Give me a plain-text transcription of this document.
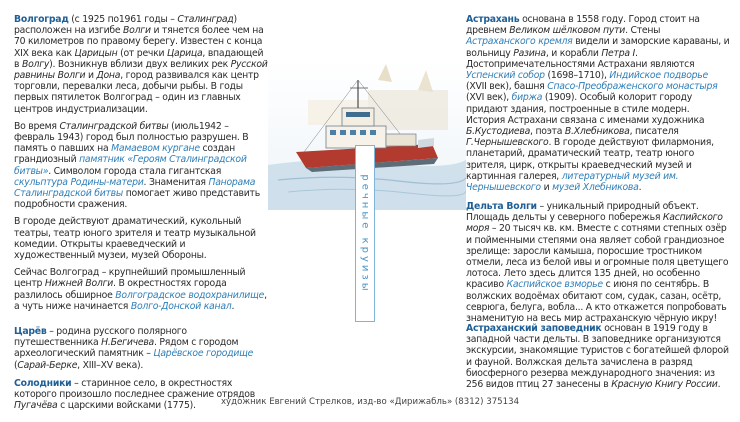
Волгоград (с 1925 по1961 годы – Сталинград) расположен на изгибе Волги и тянется более чем на 70 километров по правому берегу. Известен с конца XIX века как Царицын (от речки Царица, впадающей в Волгу). Возникнув вблизи двух великих рек Русской равнины Волги и Дона, город развивался как центр торговли, перевалки леса, добычи рыбы. В годы первых пятилеток Волгоград – один из главных центров индустриализации.

Во время Сталинградской битвы (июль1942 – февраль 1943) город был полностью разрушен. В память о павших на Мамаевом кургане создан грандиозный памятник «Героям Сталинградской битвы». Символом города стала гигантская скульптура Родины-матери. Знаменитая Панорама Сталинградской битвы помогает живо представить подробности сражения.

В городе действуют драматический, кукольный театры, театр юного зрителя и театр музыкальной комедии. Открыты краеведческий и художественный музеи, музей Обороны.

Сейчас Волгоград – крупнейший промышленный центр Нижней Волги. В окрестностях города разлилось обширное Волгоградское водохранилище, а чуть ниже начинается Волго-Донской канал.

Царёв – родина русского полярного путешественника Н.Бегичева. Рядом с городом археологический памятник – Царёвское городище (Сарай-Берке, XIII–XV века).

Солодники – старинное село, в окрестностях которого произошло последнее сражение отрядов Пугачёва с царскими войсками (1775).

речные круизы

Астрахань основана в 1558 году. Город стоит на древнем Великом шёлковом пути. Стены Астраханского кремля видели и заморские караваны, и вольницу Разина, и корабли Петра I. Достопримечательностями Астрахани являются Успенский собор (1698–1710), Индийское подворье (XVII век), башня Спасо-Преображенского монастыря (XVI век), биржа (1909). Особый колорит городу придают здания, построенные в стиле модерн. История Астрахани связана с именами художника Б.Кустодиева, поэта В.Хлебникова, писателя Г.Чернышевского. В городе действуют филармония, планетарий, драматический театр, театр юного зрителя, цирк, открыты краеведческий музей и картинная галерея, литературный музей им. Чернышевского и музей Хлебникова.

Дельта Волги – уникальный природный объект. Площадь дельты у северного побережья Каспийского моря – 20 тысяч кв. км. Вместе с сотнями степных озёр и пойменными степями она являет собой грандиозное зрелище: заросли камыша, поросшие тростником отмели, леса из белой ивы и огромные поля цветущего лотоса. Лето здесь длится 135 дней, но особенно красиво Каспийское взморье с июня по сентябрь. В волжских водоёмах обитают сом, судак, сазан, осётр, севрюга, белуга, вобла... А кто откажется попробовать знаменитую на весь мир астраханскую чёрную икру!

Астраханский заповедник основан в 1919 году в западной части дельты. В заповеднике организуются экскурсии, знакомящие туристов с богатейшей флорой и фауной. Волжская дельта зачислена в разряд биосферного резерва международного значения: из 256 видов птиц 27 занесены в Красную Книгу России.

художник Евгений Стрелков, изд-во «Дирижабль» (8312) 375134
